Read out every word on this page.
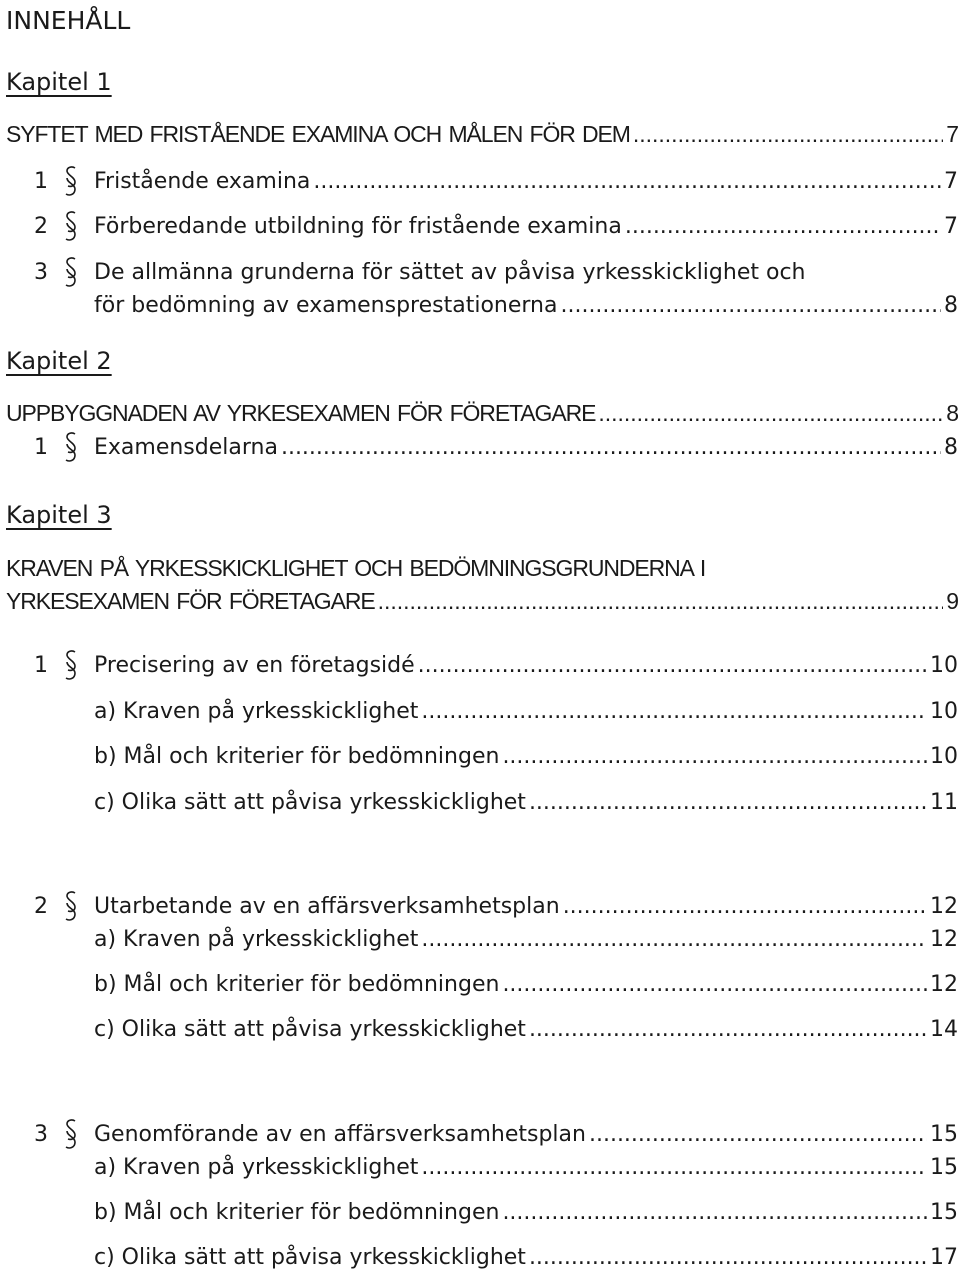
INNEHÅLL
Kapitel 1
SYFTET MED FRISTÅENDE EXAMINA OCH MÅLEN FÖR DEM .....	7
1 Fristående examina .....	7
2 Förberedande utbildning för fristående examina .....	7
3 De allmänna grunderna för sättet av påvisa yrkesskicklighet och
för bedömning av examensprestationerna .....	8
Kapitel 2
UPPBYGGNADEN AV YRKESEXAMEN FÖR FÖRETAGARE .....	8
1 Examensdelarna .....	8
Kapitel 3
KRAVEN PÅ YRKESSKICKLIGHET OCH BEDÖMNINGSGRUNDERNA I
YRKESEXAMEN FÖR FÖRETAGARE .....	9
1 Precisering av en företagsidé .....	10
a) Kraven på yrkesskicklighet .....	10
b) Mål och kriterier för bedömningen .....	10
c) Olika sätt att påvisa yrkesskicklighet .....	11
2 Utarbetande av en affärsverksamhetsplan .....	12
a) Kraven på yrkesskicklighet .....	12
b) Mål och kriterier för bedömningen .....	12
c) Olika sätt att påvisa yrkesskicklighet .....	14
3 Genomförande av en affärsverksamhetsplan .....	15
a) Kraven på yrkesskicklighet .....	15
b) Mål och kriterier för bedömningen .....	15
c) Olika sätt att påvisa yrkesskicklighet .....	17
